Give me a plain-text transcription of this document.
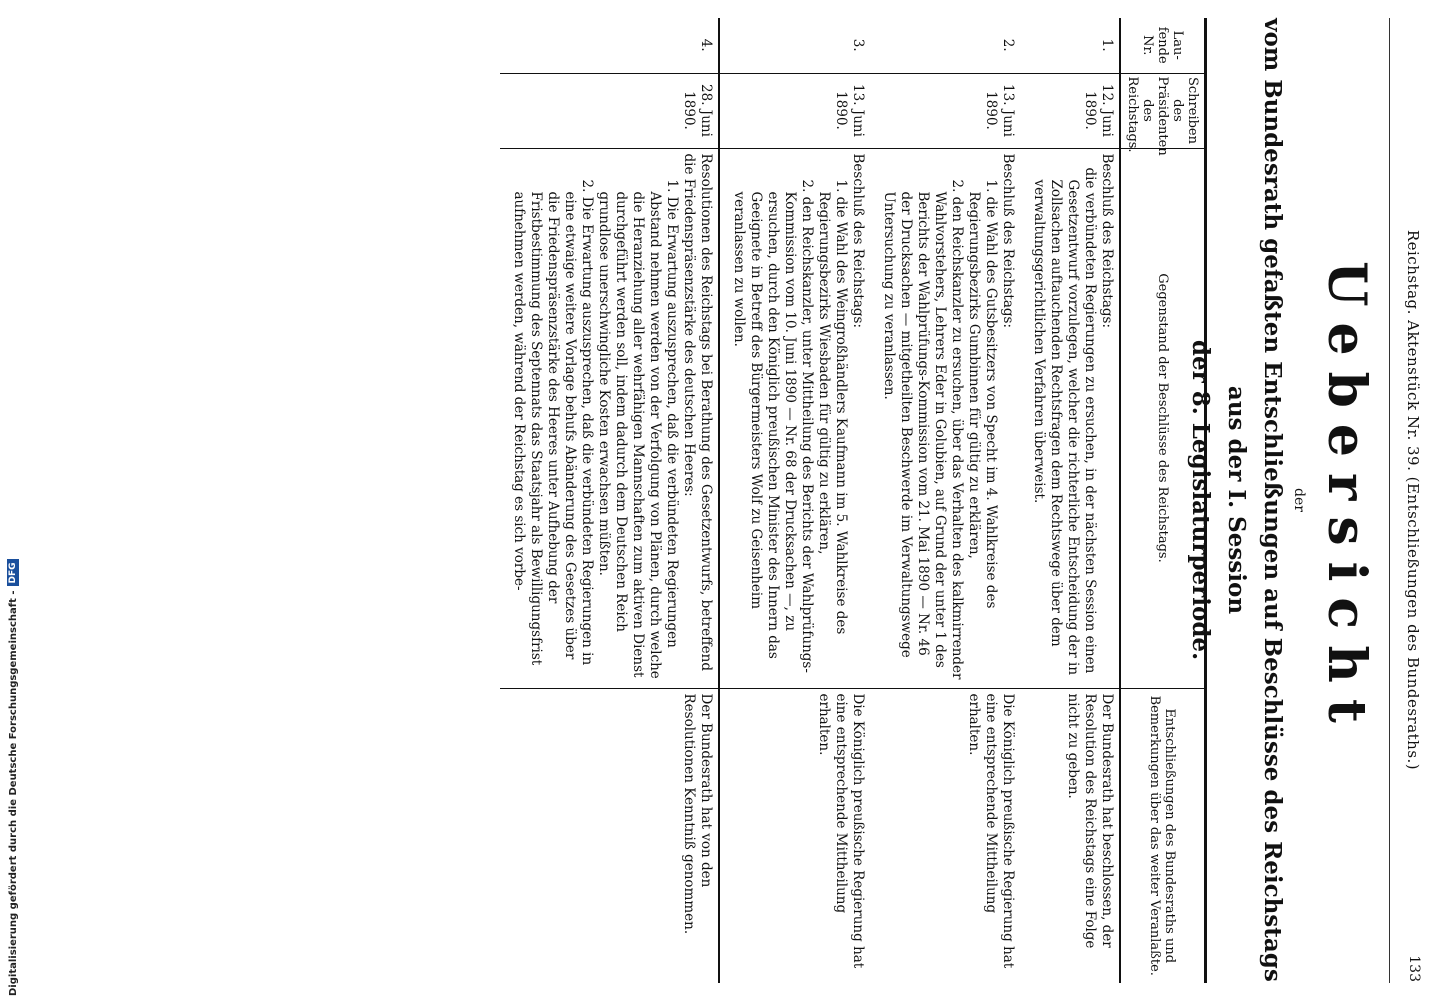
Reichstag. Aktenstück Nr. 39. (Entschließungen des Bundesraths.)
133
Uebersicht
der
vom Bundesrath gefaßten Entschließungen auf Beschlüsse des Reichstags aus der I. Session
der 8. Legislaturperiode.
Lau-fende Nr.	Schreiben des Präsidenten des Reichstags.	Gegenstand der Beschlüsse des Reichstags.	Entschließungen des Bundesraths und Bemerkungen über das weiter Veranlaßte.
1.	12. Juni 1890.	Beschluß des Reichstags:
die verbündeten Regierungen zu ersuchen, in der nächsten Session einen Gesetzentwurf vorzulegen, welcher die richterliche Entscheidung der in Zollsachen auftauchenden Rechtsfragen dem Rechtswege über dem verwaltungsgerichtlichen Verfahren überweist.	Der Bundesrath hat beschlossen, der Resolution des Reichstags eine Folge nicht zu geben.
2.	13. Juni 1890.	Beschluß des Reichstags:
1. die Wahl des Gutsbesitzers von Specht im 4. Wahlkreise des Regierungsbezirks Gumbinnen für gültig zu erklären,
2. den Reichskanzler zu ersuchen, über das Verhalten des kalkmirrender Wahlvorstehers, Lehrers Eder in Golubien, auf Grund der unter 1 des Berichts der Wahlprüfungs-Kommission vom 21. Mai 1890 — Nr. 46 der Drucksachen — mitgetheilten Beschwerde im Verwaltungswege Untersuchung zu veranlassen.	Die Königlich preußische Regierung hat eine entsprechende Mittheilung erhalten.
3.	13. Juni 1890.	Beschluß des Reichstags:
1. die Wahl des Weingroßhändlers Kaufmann im 5. Wahlkreise des Regierungsbezirks Wiesbaden für gültig zu erklären,
2. den Reichskanzler, unter Mittheilung des Berichts der Wahlprüfungs-Kommission vom 10. Juni 1890 — Nr. 68 der Drucksachen —, zu ersuchen, durch den Königlich preußischen Minister des Innern das Geeignete in Betreff des Bürgermeisters Wolf zu Geisenheim veranlassen zu wollen.	Die Königlich preußische Regierung hat eine entsprechende Mittheilung erhalten.
4.	28. Juni 1890.	Resolutionen des Reichstags bei Berathung des Gesetzentwurfs, betreffend die Friedenspräsenzstärke des deutschen Heeres:
1. Die Erwartung auszusprechen, daß die verbündeten Regierungen Abstand nehmen werden von der Verfolgung von Plänen, durch welche die Heranziehung aller wehrfähigen Mannschaften zum aktiven Dienst durchgeführt werden soll, indem dadurch dem Deutschen Reich grundlose unerschwingliche Kosten erwachsen müßten.
2. Die Erwartung auszusprechen, daß die verbündeten Regierungen in eine etwaige weitere Vorlage behufs Abänderung des Gesetzes über die Friedenspräsenzstärke des Heeres unter Aufhebung der Fristbestimmung des Septennats das Staatsjahr als Bewilligungsfrist aufnehmen werden, während der Reichstag es sich vorbe-	Der Bundesrath hat von den Resolutionen Kenntniß genommen.
Digitalisierung gefördert durch die Deutsche Forschungsgemeinschaft -
DFG
